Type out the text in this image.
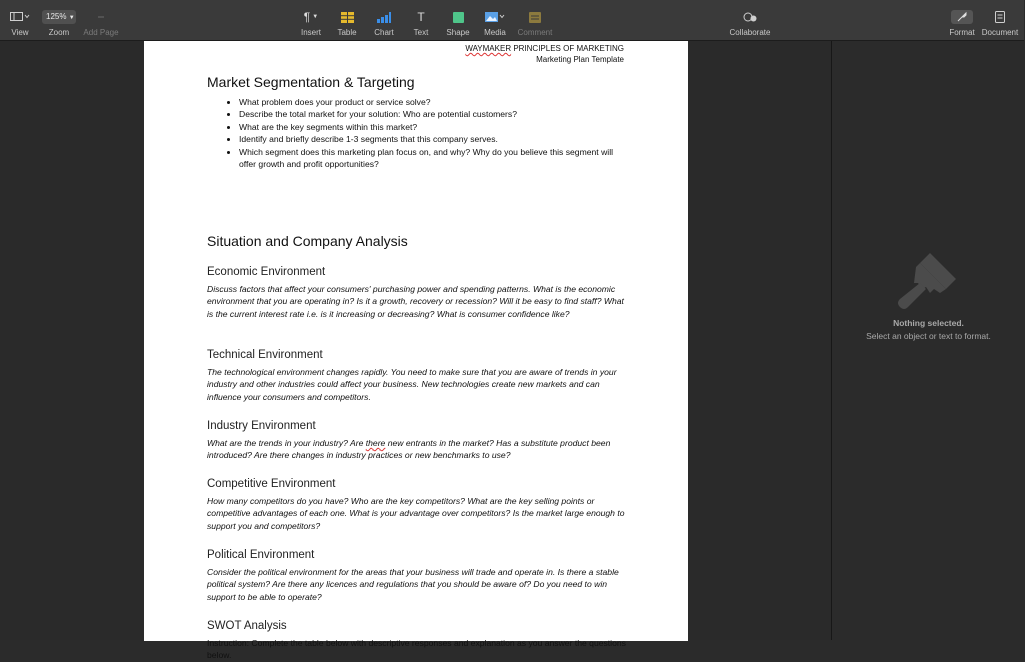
View
125% ▼
Zoom	Add Page
¶ ▼
Insert	Table	Chart
T
Text	Shape	Media	Comment	Collaborate	Format Document
WAYMAKER PRINCIPLES OF MARKETING
Marketing Plan Template
Market Segmentation & Targeting
• What problem does your product or service solve?
• Describe the total market for your solution: Who are potential customers?
• What are the key segments within this market?
• Identify and briefly describe 1-3 segments that this company serves.
• Which segment does this marketing plan focus on, and why? Why do you believe this segment will offer growth and profit opportunities?
Situation and Company Analysis
Economic Environment

Discuss factors that affect your consumers' purchasing power and spending patterns. What is the economic environment that you are operating in? Is it a growth, recovery or recession? Will it be easy to find staff? What is the current interest rate i.e. is it increasing or decreasing? What is consumer confidence like?

Technical Environment

The technological environment changes rapidly. You need to make sure that you are aware of trends in your industry and other industries could affect your business. New technologies create new markets and can influence your consumers and competitors.

Industry Environment

What are the trends in your industry? Are there new entrants in the market? Has a substitute product been introduced? Are there changes in industry practices or new benchmarks to use?

Competitive Environment

How many competitors do you have? Who are the key competitors? What are the key selling points or competitive advantages of each one. What is your advantage over competitors? Is the market large enough to support you and competitors?

Political Environment

Consider the political environment for the areas that your business will trade and operate in. Is there a stable political system? Are there any licences and regulations that you should be aware of? Do you need to win support to be able to operate?

SWOT Analysis

Instruction: Complete the table below with descriptive responses and explanation as you answer the questions below.

Nothing selected.
Select an object or text to format.
